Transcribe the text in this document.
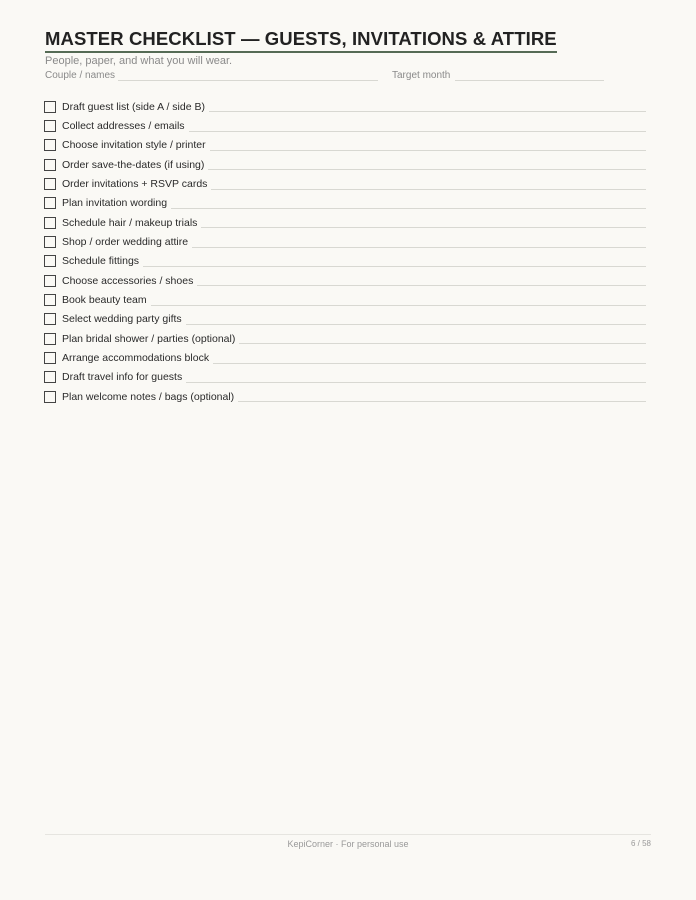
MASTER CHECKLIST — GUESTS, INVITATIONS & ATTIRE
People, paper, and what you will wear.
Couple / names	Target month
Draft guest list (side A / side B)
Collect addresses / emails
Choose invitation style / printer
Order save-the-dates (if using)
Order invitations + RSVP cards
Plan invitation wording
Schedule hair / makeup trials
Shop / order wedding attire
Schedule fittings
Choose accessories / shoes
Book beauty team
Select wedding party gifts
Plan bridal shower / parties (optional)
Arrange accommodations block
Draft travel info for guests
Plan welcome notes / bags (optional)
KepiCorner · For personal use	6 / 58
